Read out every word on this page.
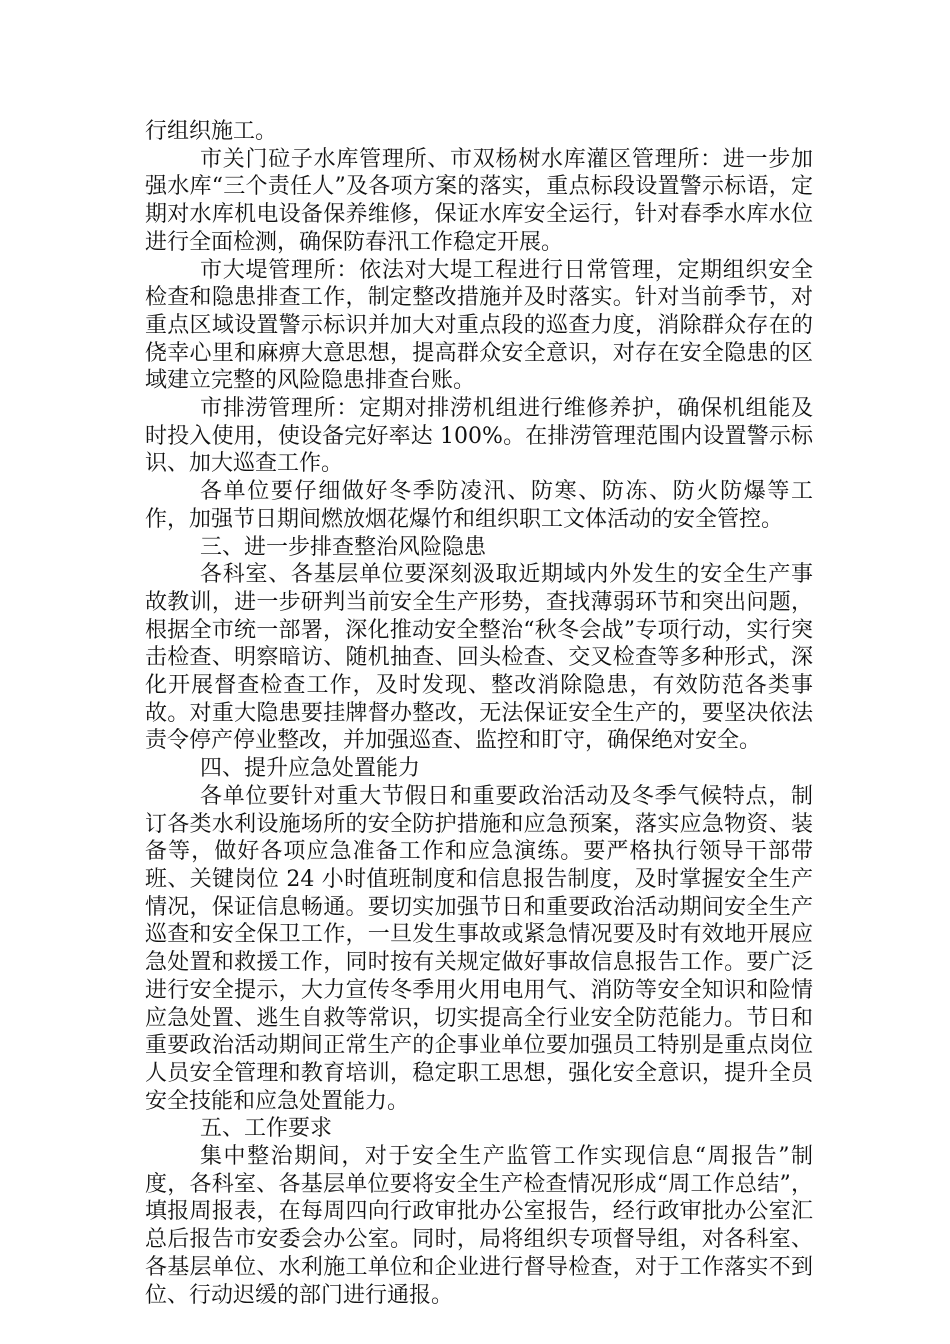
行组织施工。

市关门砬子水库管理所、市双杨树水库灌区管理所：进一步加强水库“三个责任人”及各项方案的落实，重点标段设置警示标语，定期对水库机电设备保养维修，保证水库安全运行，针对春季水库水位进行全面检测，确保防春汛工作稳定开展。

市大堤管理所：依法对大堤工程进行日常管理，定期组织安全检查和隐患排查工作，制定整改措施并及时落实。针对当前季节，对重点区域设置警示标识并加大对重点段的巡查力度，消除群众存在的侥幸心里和麻痹大意思想，提高群众安全意识，对存在安全隐患的区域建立完整的风险隐患排查台账。

市排涝管理所：定期对排涝机组进行维修养护，确保机组能及时投入使用，使设备完好率达 100%。在排涝管理范围内设置警示标识、加大巡查工作。

各单位要仔细做好冬季防凌汛、防寒、防冻、防火防爆等工作，加强节日期间燃放烟花爆竹和组织职工文体活动的安全管控。

三、进一步排查整治风险隐患

各科室、各基层单位要深刻汲取近期域内外发生的安全生产事故教训，进一步研判当前安全生产形势，查找薄弱环节和突出问题，根据全市统一部署，深化推动安全整治“秋冬会战”专项行动，实行突击检查、明察暗访、随机抽查、回头检查、交叉检查等多种形式，深化开展督查检查工作，及时发现、整改消除隐患，有效防范各类事故。对重大隐患要挂牌督办整改，无法保证安全生产的，要坚决依法责令停产停业整改，并加强巡查、监控和盯守，确保绝对安全。

四、提升应急处置能力

各单位要针对重大节假日和重要政治活动及冬季气候特点，制订各类水利设施场所的安全防护措施和应急预案，落实应急物资、装备等，做好各项应急准备工作和应急演练。要严格执行领导干部带班、关键岗位 24 小时值班制度和信息报告制度，及时掌握安全生产情况，保证信息畅通。要切实加强节日和重要政治活动期间安全生产巡查和安全保卫工作，一旦发生事故或紧急情况要及时有效地开展应急处置和救援工作，同时按有关规定做好事故信息报告工作。要广泛进行安全提示，大力宣传冬季用火用电用气、消防等安全知识和险情应急处置、逃生自救等常识，切实提高全行业安全防范能力。节日和重要政治活动期间正常生产的企事业单位要加强员工特别是重点岗位人员安全管理和教育培训，稳定职工思想，强化安全意识，提升全员安全技能和应急处置能力。

五、工作要求

集中整治期间，对于安全生产监管工作实现信息“周报告”制度，各科室、各基层单位要将安全生产检查情况形成“周工作总结”，填报周报表，在每周四向行政审批办公室报告，经行政审批办公室汇总后报告市安委会办公室。同时，局将组织专项督导组，对各科室、各基层单位、水利施工单位和企业进行督导检查，对于工作落实不到位、行动迟缓的部门进行通报。
